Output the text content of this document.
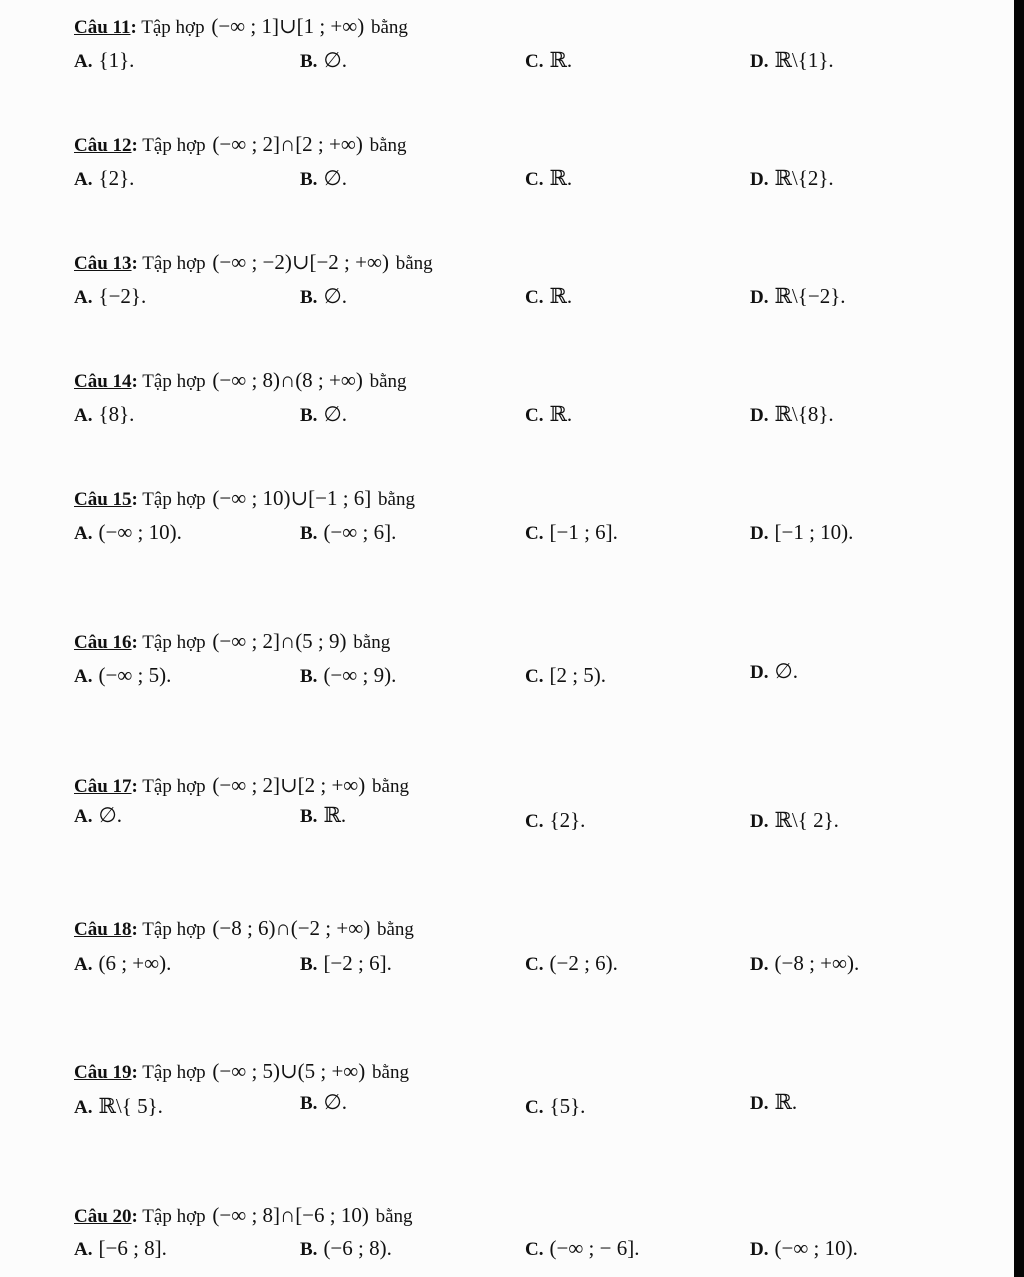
Câu 11: Tập hợp (−∞ ; 1]∪[1 ; +∞) bằng
A. {1}.	B. ∅.	C. ℝ.	D. ℝ\{1}.
Câu 12: Tập hợp (−∞ ; 2]∩[2 ; +∞) bằng
A. {2}.	B. ∅.	C. ℝ.	D. ℝ\{2}.
Câu 13: Tập hợp (−∞ ; −2)∪[−2 ; +∞) bằng
A. {−2}.	B. ∅.	C. ℝ.	D. ℝ\{−2}.
Câu 14: Tập hợp (−∞ ; 8)∩(8 ; +∞) bằng
A. {8}.	B. ∅.	C. ℝ.	D. ℝ\{8}.
Câu 15: Tập hợp (−∞ ; 10)∪[−1 ; 6] bằng
A. (−∞ ; 10).	B. (−∞ ; 6].	C. [−1 ; 6].	D. [−1 ; 10).
Câu 16: Tập hợp (−∞ ; 2]∩(5 ; 9) bằng
A. (−∞ ; 5).	B. (−∞ ; 9).	C. [2 ; 5).	D. ∅.
Câu 17: Tập hợp (−∞ ; 2]∪[2 ; +∞) bằng
A. ∅.	B. ℝ.	C. {2}.	D. ℝ\{ 2}.
Câu 18: Tập hợp (−8 ; 6)∩(−2 ; +∞) bằng
A. (6 ; +∞).	B. [−2 ; 6].	C. (−2 ; 6).	D. (−8 ; +∞).
Câu 19: Tập hợp (−∞ ; 5)∪(5 ; +∞) bằng
A. ℝ\{ 5}.	B. ∅.	C. {5}.	D. ℝ.
Câu 20: Tập hợp (−∞ ; 8]∩[−6 ; 10) bằng
A. [−6 ; 8].	B. (−6 ; 8).	C. (−∞ ; − 6].	D. (−∞ ; 10).
